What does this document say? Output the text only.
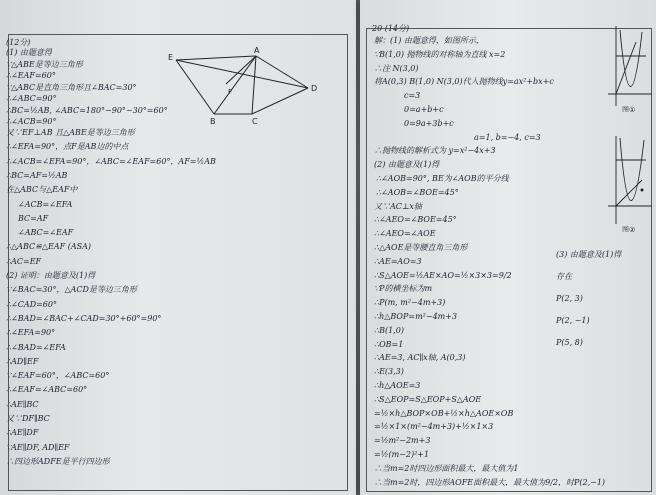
(12分)
(1) 由题意得
∵△ABE是等边三角形
∴∠EAF=60°
∵△ABC是直角三角形且∠BAC=30°
∴∠ABC=90°
∴BC=½AB, ∠ABC=180°−90°−30°=60°
∴∠ACB=90°
又∵EF⊥AB 且△ABE是等边三角形
∴∠EFA=90°，点F是AB边的中点
∴∠ACB=∠EFA=90°，∠ABC=∠EAF=60°，AF=½AB
∴BC=AF=½AB
在△ABC与△EAF中
∠ACB=∠EFA
BC=AF
∠ABC=∠EAF
∴△ABC≌△EAF (ASA)
∴AC=EF
(2) 证明：由题意及(1)得
∵∠BAC=30°，△ACD是等边三角形
∴∠CAD=60°
∴∠BAD=∠BAC+∠CAD=30°+60°=90°
∴∠EFA=90°
∴∠BAD=∠EFA
∴AD∥EF
∵∠EAF=60°，∠ABC=60°
∴∠EAF=∠ABC=60°
∴AE∥BC
又∵DF∥BC
∴AE∥DF
∵AE∥DF, AD∥EF
∴四边形ADFE是平行四边形
E
A
D
F
B	C
20 (14分)
解：(1) 由题意得，如图所示，
∵B(1,0) 抛物线的对称轴为直线 x=2
∴注 N(3,0)
将A(0,3) B(1,0) N(3,0)代入抛物线y=ax²+bx+c
c=3
0=a+b+c
0=9a+3b+c
a=1, b=−4, c=3
∴抛物线的解析式为 y=x²−4x+3
(2) 由题意及(1)得
∴∠AOB=90°, BE为∠AOB的平分线
∴∠AOB=∠BOE=45°
又∵AC⊥x轴
∴∠AEO=∠BOE=45°
∴∠AEO=∠AOE
∴△AOE是等腰直角三角形
∴AE=AO=3
∴S△AOE=½AE×AO=½×3×3=9/2
∵P的横坐标为m
∴P(m, m²−4m+3)
∴h△BOP=m²−4m+3
∴B(1,0)
∴OB=1
∴AE=3, AC∥x轴, A(0,3)
∴E(3,3)
∴h△AOE=3
∴S△EOP=S△EOP+S△AOE
=½×h△BOP×OB+½×h△AOE×OB
=½×1×(m²−4m+3)+½×1×3
=½m²−2m+3
=½(m−2)²+1
∴当m=2时四边形面积最大，最大值为1
∴当m=2时，四边形AOFE面积最大，最大值为9/2，时P(2,−1)
(3) 由题意及(1)得
存在
P(2, 3)
P(2, −1)
P(5, 8)
图①
图②
